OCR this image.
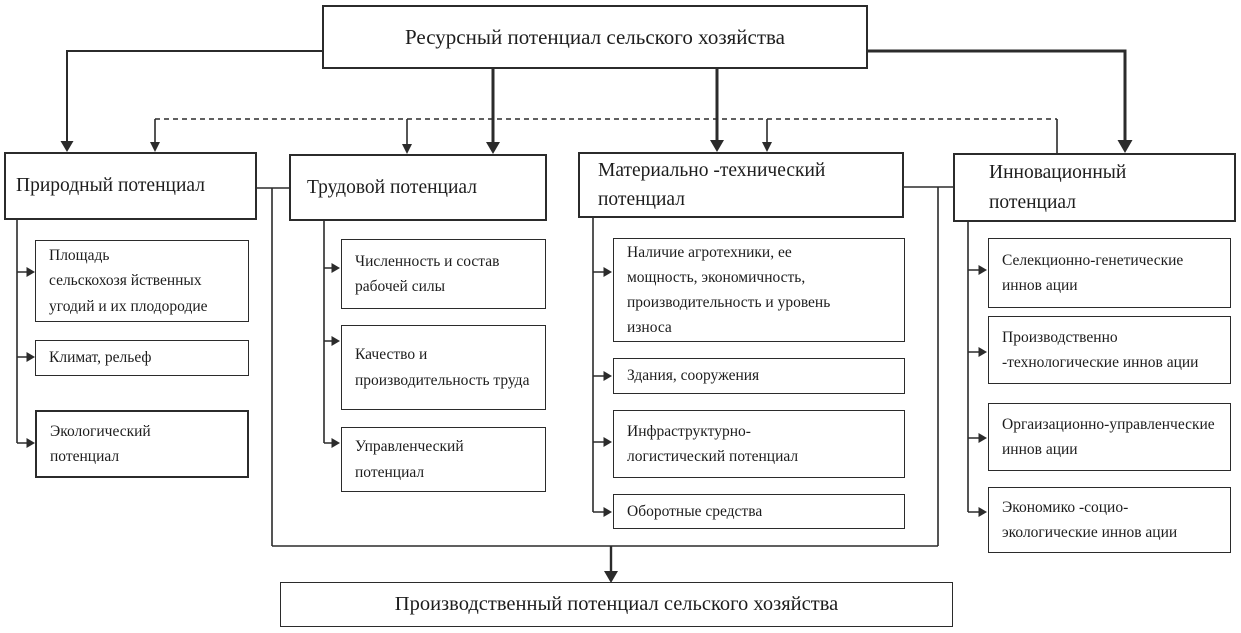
Ресурсный потенциал сельского хозяйства
Природный потенциал	Трудовой потенциал
Материально -технический потенциал
Инновационный потенциал
Площадь сельскохозя йственных угодий и их плодородие
Климат, рельеф
Экологический потенциал
Численность и состав рабочей силы
Качество и производительность труда
Управленческий потенциал
Наличие агротехники, ее мощность, экономичность, производительность и уровень износа
Здания, сооружения
Инфраструктурно-логистический потенциал
Оборотные средства
Селекционно-генетические иннов ации
Производственно -технологические иннов ации
Оргаизационно-управленческие иннов ации
Экономико -социо-экологические иннов ации
Производственный потенциал сельского хозяйства
